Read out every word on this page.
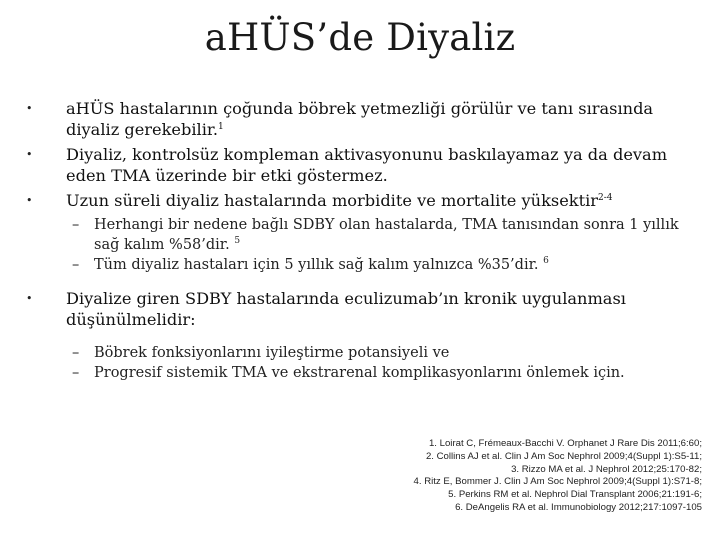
aHÜS’de Diyaliz
•	aHÜS hastalarının çoğunda böbrek yetmezliği görülür ve tanı sırasında diyaliz gerekebilir.$^1$
•	Diyaliz, kontrolsüz kompleman aktivasyonunu baskılayamaz ya da devam eden TMA üzerinde bir etki göstermez.
•	Uzun süreli diyaliz hastalarında morbidite ve mortalite yüksektir$^{2-4}$
–	Herhangi bir nedene bağlı SDBY olan hastalarda, TMA tanısından sonra 1 yıllık sağ kalım %58’dir. $^5$
–	Tüm diyaliz hastaları için 5 yıllık sağ kalım yalnızca %35’dir. $^6$
•	Diyalize giren SDBY hastalarında eculizumab’ın kronik uygulanması düşünülmelidir:
–	Böbrek fonksiyonlarını iyileştirme potansiyeli ve
–	Progresif sistemik TMA ve ekstrarenal komplikasyonlarını önlemek için.
1. Loirat C, Frémeaux-Bacchi V. Orphanet J Rare Dis 2011;6:60;
2. Collins AJ et al. Clin J Am Soc Nephrol 2009;4(Suppl 1):S5-11;
3. Rizzo MA et al. J Nephrol 2012;25:170-82;
4. Ritz E, Bommer J. Clin J Am Soc Nephrol 2009;4(Suppl 1):S71-8;
5. Perkins RM et al. Nephrol Dial Transplant 2006;21:191-6;
6. DeAngelis RA et al. Immunobiology 2012;217:1097-105
